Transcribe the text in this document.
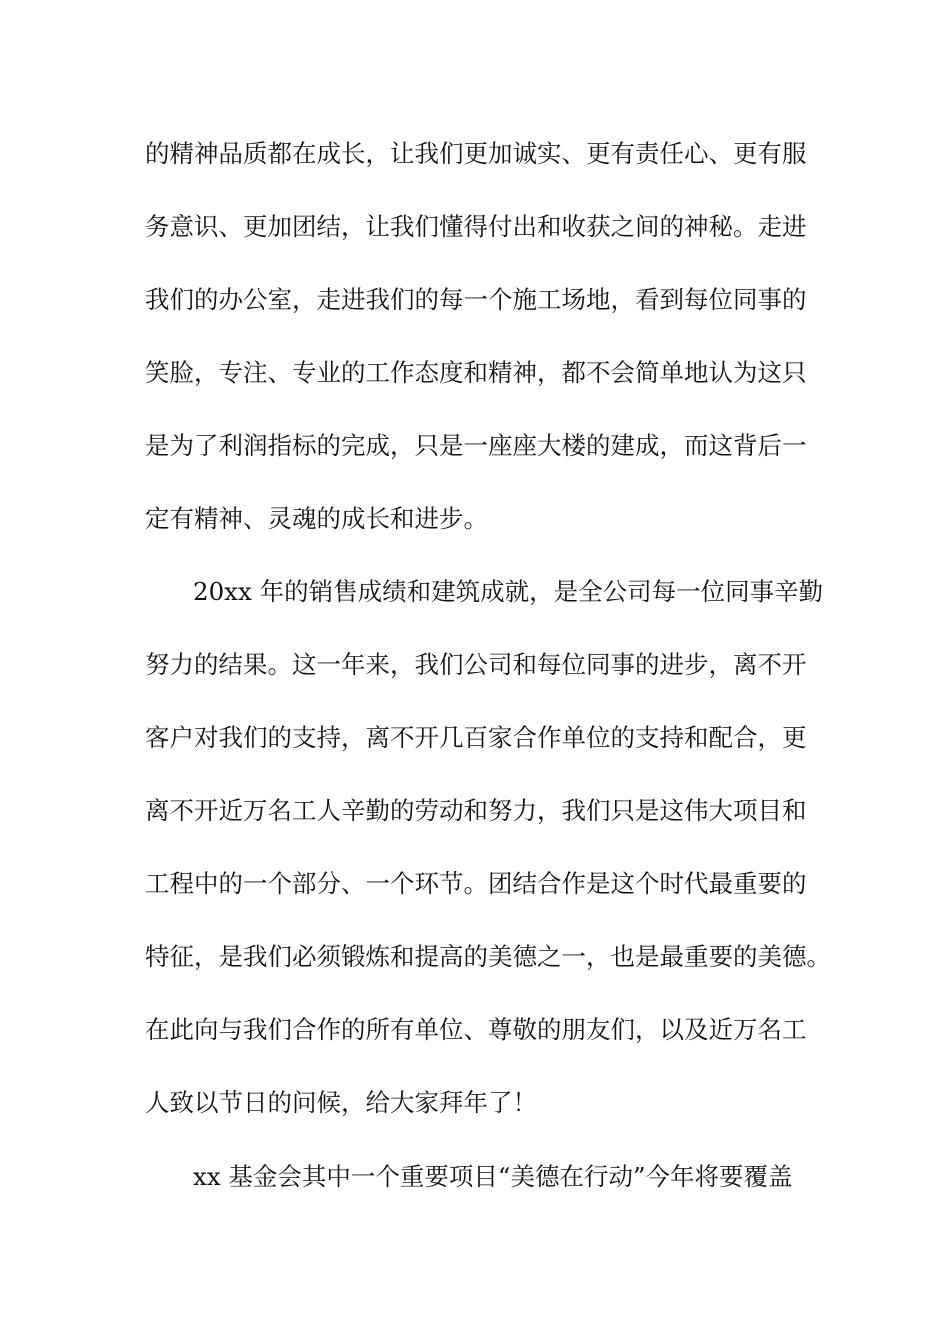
的精神品质都在成长，让我们更加诚实、更有责任心、更有服
务意识、更加团结，让我们懂得付出和收获之间的神秘。走进
我们的办公室，走进我们的每一个施工场地，看到每位同事的
笑脸，专注、专业的工作态度和精神，都不会简单地认为这只
是为了利润指标的完成，只是一座座大楼的建成，而这背后一
定有精神、灵魂的成长和进步。
20xx 年的销售成绩和建筑成就，是全公司每一位同事辛勤
努力的结果。这一年来，我们公司和每位同事的进步，离不开
客户对我们的支持，离不开几百家合作单位的支持和配合，更
离不开近万名工人辛勤的劳动和努力，我们只是这伟大项目和
工程中的一个部分、一个环节。团结合作是这个时代最重要的
特征，是我们必须锻炼和提高的美德之一，也是最重要的美德。
在此向与我们合作的所有单位、尊敬的朋友们，以及近万名工
人致以节日的问候，给大家拜年了！
xx 基金会其中一个重要项目“美德在行动”今年将要覆盖
